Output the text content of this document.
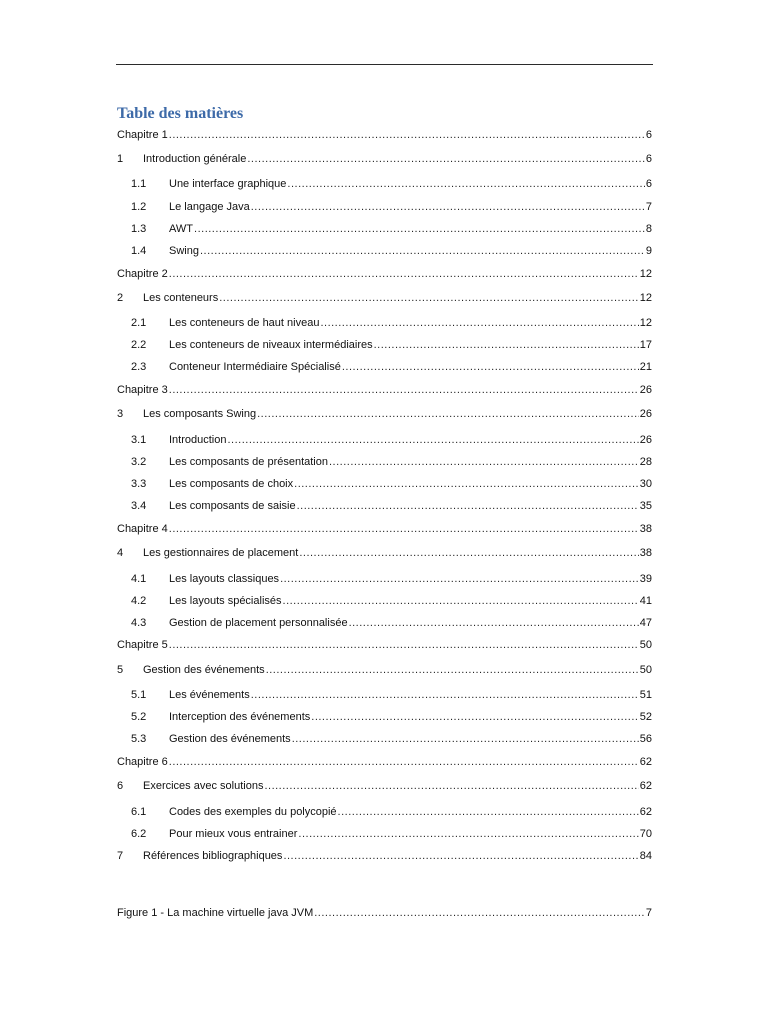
Table des matières
Chapitre 1 .....	6
1	Introduction générale .....	6
1.1	Une interface graphique .....	6
1.2	Le langage Java .....	7
1.3	AWT .....	8
1.4	Swing .....	9
Chapitre 2 .....	12
2	Les conteneurs .....	12
2.1	Les conteneurs de haut niveau .....	12
2.2	Les conteneurs de niveaux intermédiaires .....	17
2.3	Conteneur Intermédiaire Spécialisé .....	21
Chapitre 3 .....	26
3	Les composants Swing .....	26
3.1	Introduction .....	26
3.2	Les composants de présentation .....	28
3.3	Les composants de choix .....	30
3.4	Les composants de saisie .....	35
Chapitre 4 .....	38
4	Les gestionnaires de placement .....	38
4.1	Les layouts classiques .....	39
4.2	Les layouts spécialisés .....	41
4.3	Gestion de placement personnalisée .....	47
Chapitre 5 .....	50
5	Gestion des événements .....	50
5.1	Les événements .....	51
5.2	Interception des événements .....	52
5.3	Gestion des événements .....	56
Chapitre 6 .....	62
6	Exercices avec solutions .....	62
6.1	Codes des exemples du polycopié .....	62
6.2	Pour mieux vous entrainer .....	70
7	Références bibliographiques .....	84
Figure 1 - La machine virtuelle java JVM .....	7
